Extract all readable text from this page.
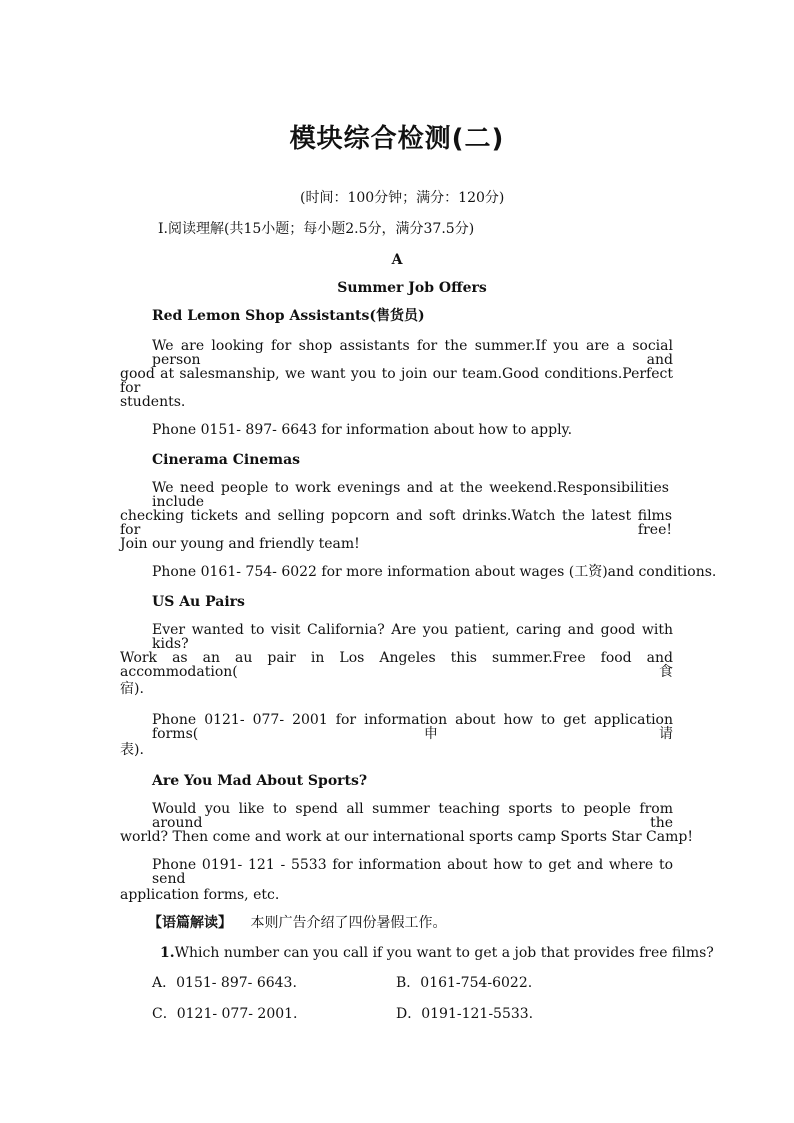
模块综合检测(二)
(时间：100分钟；满分：120分)
Ⅰ.阅读理解(共15小题；每小题2.5分，满分37.5分)
A
Summer Job Offers
Red Lemon Shop Assistants(售货员)
We are looking for shop assistants for the summer.If you are a social person and
good at salesmanship, we want you to join our team.Good conditions.Perfect for
students.
Phone 0151- 897- 6643 for information about how to apply.
Cinerama Cinemas
We need people to work evenings and at the weekend.Responsibilities include
checking tickets and selling popcorn and soft drinks.Watch the latest films for free!
Join our young and friendly team!
Phone 0161- 754- 6022 for more information about wages (工资)and conditions.
US Au Pairs
Ever wanted to visit California? Are you patient, caring and good with kids?
Work as an au pair in Los Angeles this summer.Free food and accommodation( 食
宿).
Phone 0121- 077- 2001 for information about how to get application forms( 申请
表).
Are You Mad About Sports?
Would you like to spend all summer teaching sports to people from around the
world? Then come and work at our international sports camp Sports Star Camp!
Phone 0191- 121 - 5533 for information about how to get and where to send
application forms, etc.
【语篇解读】 本则广告介绍了四份暑假工作。
1.Which number can you call if you want to get a job that provides free films?
A．0151- 897- 6643.	B．0161-754-6022.
C．0121- 077- 2001.	D．0191-121-5533.
